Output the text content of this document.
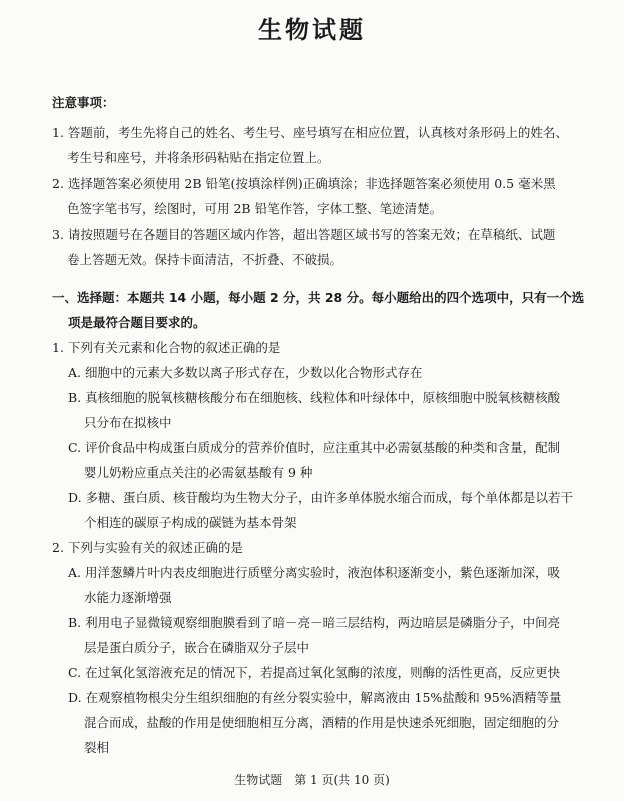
生物试题
注意事项：
1. 答题前，考生先将自己的姓名、考生号、座号填写在相应位置，认真核对条形码上的姓名、
考生号和座号，并将条形码粘贴在指定位置上。
2. 选择题答案必须使用 2B 铅笔(按填涂样例)正确填涂；非选择题答案必须使用 0.5 毫米黑
色签字笔书写，绘图时，可用 2B 铅笔作答，字体工整、笔迹清楚。
3. 请按照题号在各题目的答题区域内作答，超出答题区域书写的答案无效；在草稿纸、试题
卷上答题无效。保持卡面清洁，不折叠、不破损。
一、选择题：本题共 14 小题，每小题 2 分，共 28 分。每小题给出的四个选项中，只有一个选
项是最符合题目要求的。
1. 下列有关元素和化合物的叙述正确的是
A. 细胞中的元素大多数以离子形式存在，少数以化合物形式存在
B. 真核细胞的脱氧核糖核酸分布在细胞核、线粒体和叶绿体中，原核细胞中脱氧核糖核酸
只分布在拟核中
C. 评价食品中构成蛋白质成分的营养价值时，应注重其中必需氨基酸的种类和含量，配制
婴儿奶粉应重点关注的必需氨基酸有 9 种
D. 多糖、蛋白质、核苷酸均为生物大分子，由许多单体脱水缩合而成，每个单体都是以若干
个相连的碳原子构成的碳链为基本骨架
2. 下列与实验有关的叙述正确的是
A. 用洋葱鳞片叶内表皮细胞进行质壁分离实验时，液泡体积逐渐变小，紫色逐渐加深，吸
水能力逐渐增强
B. 利用电子显微镜观察细胞膜看到了暗－亮－暗三层结构，两边暗层是磷脂分子，中间亮
层是蛋白质分子，嵌合在磷脂双分子层中
C. 在过氧化氢溶液充足的情况下，若提高过氧化氢酶的浓度，则酶的活性更高，反应更快
D. 在观察植物根尖分生组织细胞的有丝分裂实验中，解离液由 15%盐酸和 95%酒精等量
混合而成，盐酸的作用是使细胞相互分离，酒精的作用是快速杀死细胞，固定细胞的分
裂相
生物试题　第 1 页(共 10 页)
